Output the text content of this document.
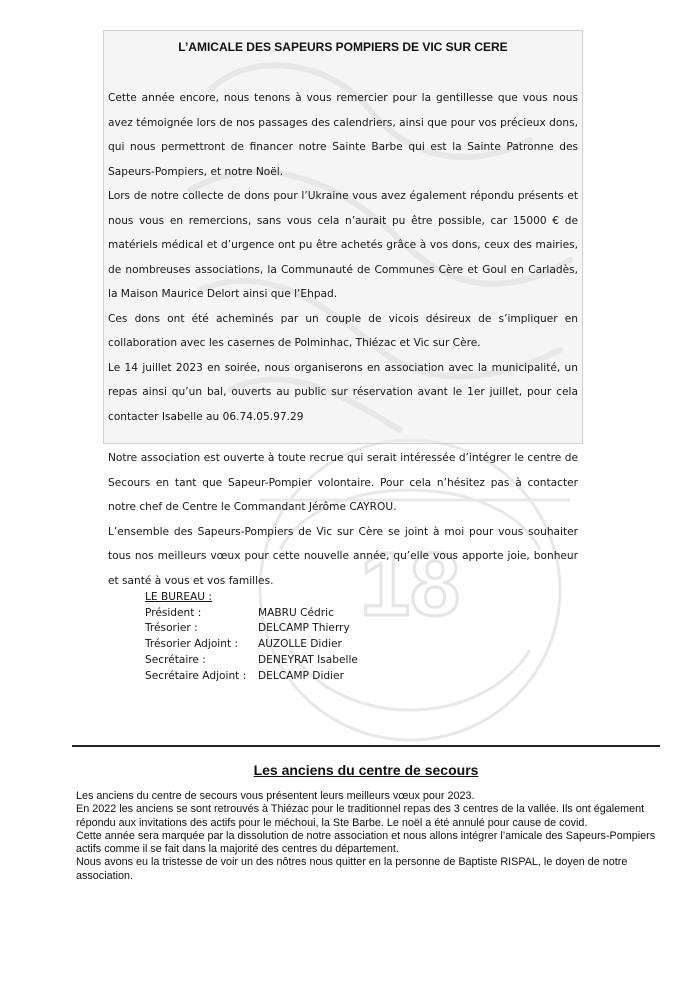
18
L’AMICALE DES SAPEURS POMPIERS DE VIC SUR CERE

Cette année encore, nous tenons à vous remercier pour la gentillesse que vous nous avez témoignée lors de nos passages des calendriers, ainsi que pour vos précieux dons, qui nous permettront de financer notre Sainte Barbe qui est la Sainte Patronne des Sapeurs-Pompiers, et notre Noël.

Lors de notre collecte de dons pour l’Ukraine vous avez également répondu présents et nous vous en remercions, sans vous cela n’aurait pu être possible, car 15000 € de matériels médical et d’urgence ont pu être achetés grâce à vos dons, ceux des mairies, de nombreuses associations, la Communauté de Communes Cère et Goul en Carladès, la Maison Maurice Delort ainsi que l’Ehpad.

Ces dons ont été acheminés par un couple de vicois désireux de s’impliquer en collaboration avec les casernes de Polminhac, Thiézac et Vic sur Cère.

Le 14 juillet 2023 en soirée, nous organiserons en association avec la municipalité, un repas ainsi qu’un bal, ouverts au public sur réservation avant le 1er juillet, pour cela contacter Isabelle au 06.74.05.97.29

Notre association est ouverte à toute recrue qui serait intéressée d’intégrer le centre de Secours en tant que Sapeur-Pompier volontaire. Pour cela n’hésitez pas à contacter notre chef de Centre le Commandant Jérôme CAYROU.

L’ensemble des Sapeurs-Pompiers de Vic sur Cère se joint à moi pour vous souhaiter tous nos meilleurs vœux pour cette nouvelle année, qu’elle vous apporte joie, bonheur et santé à vous et vos familles.

LE BUREAU :
Président :	MABRU Cédric
Trésorier :	DELCAMP Thierry
Trésorier Adjoint :	AUZOLLE Didier
Secrétaire :	DENEYRAT Isabelle
Secrétaire Adjoint :	DELCAMP Didier
Les anciens du centre de secours

Les anciens du centre de secours vous présentent leurs meilleurs vœux pour 2023.

En 2022 les anciens se sont retrouvés à Thiézac pour le traditionnel repas des 3 centres de la vallée. Ils ont également répondu aux invitations des actifs pour le méchoui, la Ste Barbe. Le noël a été annulé pour cause de covid.

Cette année sera marquée par la dissolution de notre association et nous allons intégrer l’amicale des Sapeurs-Pompiers actifs comme il se fait dans la majorité des centres du département.

Nous avons eu la tristesse de voir un des nôtres nous quitter en la personne de Baptiste RISPAL, le doyen de notre association.
